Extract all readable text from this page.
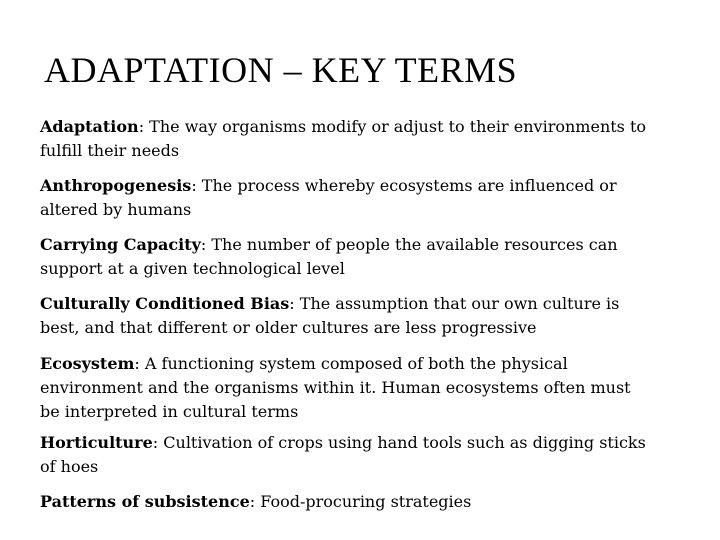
ADAPTATION – KEY TERMS
Adaptation: The way organisms modify or adjust to their environments to
fulfill their needs
Anthropogenesis: The process whereby ecosystems are influenced or
altered by humans
Carrying Capacity: The number of people the available resources can
support at a given technological level
Culturally Conditioned Bias: The assumption that our own culture is
best, and that different or older cultures are less progressive
Ecosystem: A functioning system composed of both the physical
environment and the organisms within it. Human ecosystems often must
be interpreted in cultural terms
Horticulture: Cultivation of crops using hand tools such as digging sticks
of hoes
Patterns of subsistence: Food-procuring strategies
